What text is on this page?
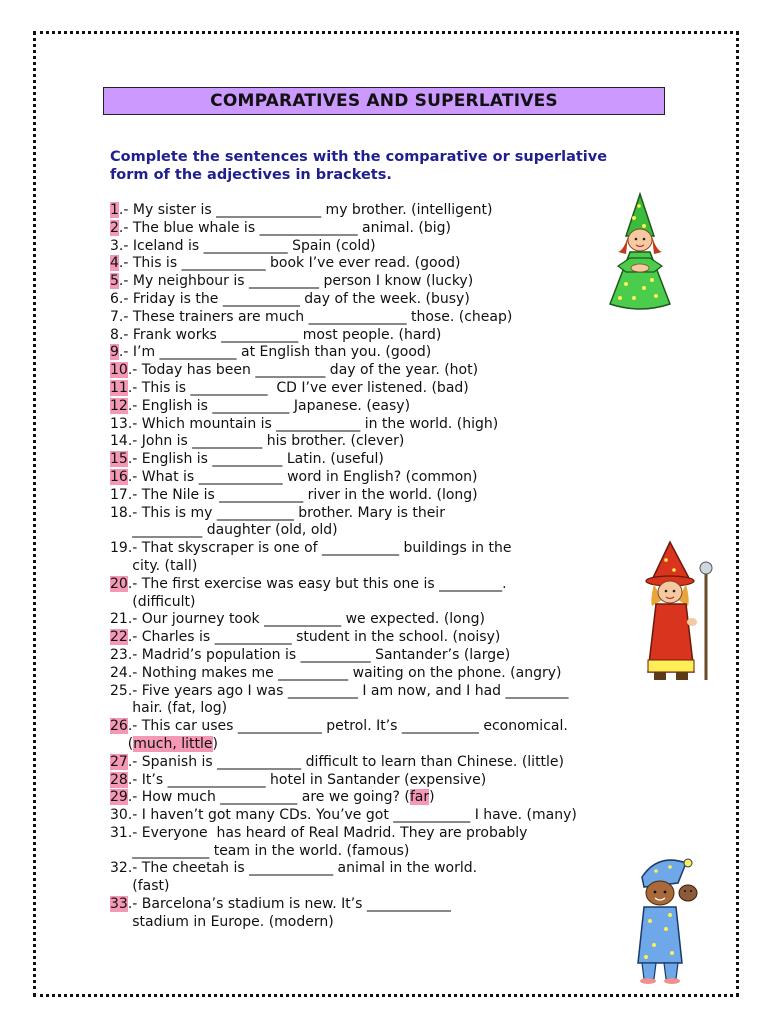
COMPARATIVES AND SUPERLATIVES
Complete the sentences with the comparative or superlative
form of the adjectives in brackets.
1.- My sister is _______________ my brother. (intelligent)
2.- The blue whale is ______________ animal. (big)
3.- Iceland is ____________ Spain (cold)
4.- This is ____________ book I’ve ever read. (good)
5.- My neighbour is __________ person I know (lucky)
6.- Friday is the ___________ day of the week. (busy)
7.- These trainers are much ______________ those. (cheap)
8.- Frank works ___________ most people. (hard)
9.- I’m ___________ at English than you. (good)
10.- Today has been __________ day of the year. (hot)
11.- This is ___________  CD I’ve ever listened. (bad)
12.- English is ___________ Japanese. (easy)
13.- Which mountain is ____________ in the world. (high)
14.- John is __________ his brother. (clever)
15.- English is __________ Latin. (useful)
16.- What is ____________ word in English? (common)
17.- The Nile is ____________ river in the world. (long)
18.- This is my ___________ brother. Mary is their
__________ daughter (old, old)
19.- That skyscraper is one of ___________ buildings in the
city. (tall)
20.- The first exercise was easy but this one is _________.
(difficult)
21.- Our journey took ___________ we expected. (long)
22.- Charles is ___________ student in the school. (noisy)
23.- Madrid’s population is __________ Santander’s (large)
24.- Nothing makes me __________ waiting on the phone. (angry)
25.- Five years ago I was __________ I am now, and I had _________
hair. (fat, log)
26.- This car uses ____________ petrol. It’s ___________ economical.
(much, little)
27.- Spanish is ____________ difficult to learn than Chinese. (little)
28.- It’s ______________ hotel in Santander (expensive)
29.- How much ___________ are we going? (far)
30.- I haven’t got many CDs. You’ve got ___________ I have. (many)
31.- Everyone  has heard of Real Madrid. They are probably
___________ team in the world. (famous)
32.- The cheetah is ____________ animal in the world.
(fast)
33.- Barcelona’s stadium is new. It’s ____________
stadium in Europe. (modern)
